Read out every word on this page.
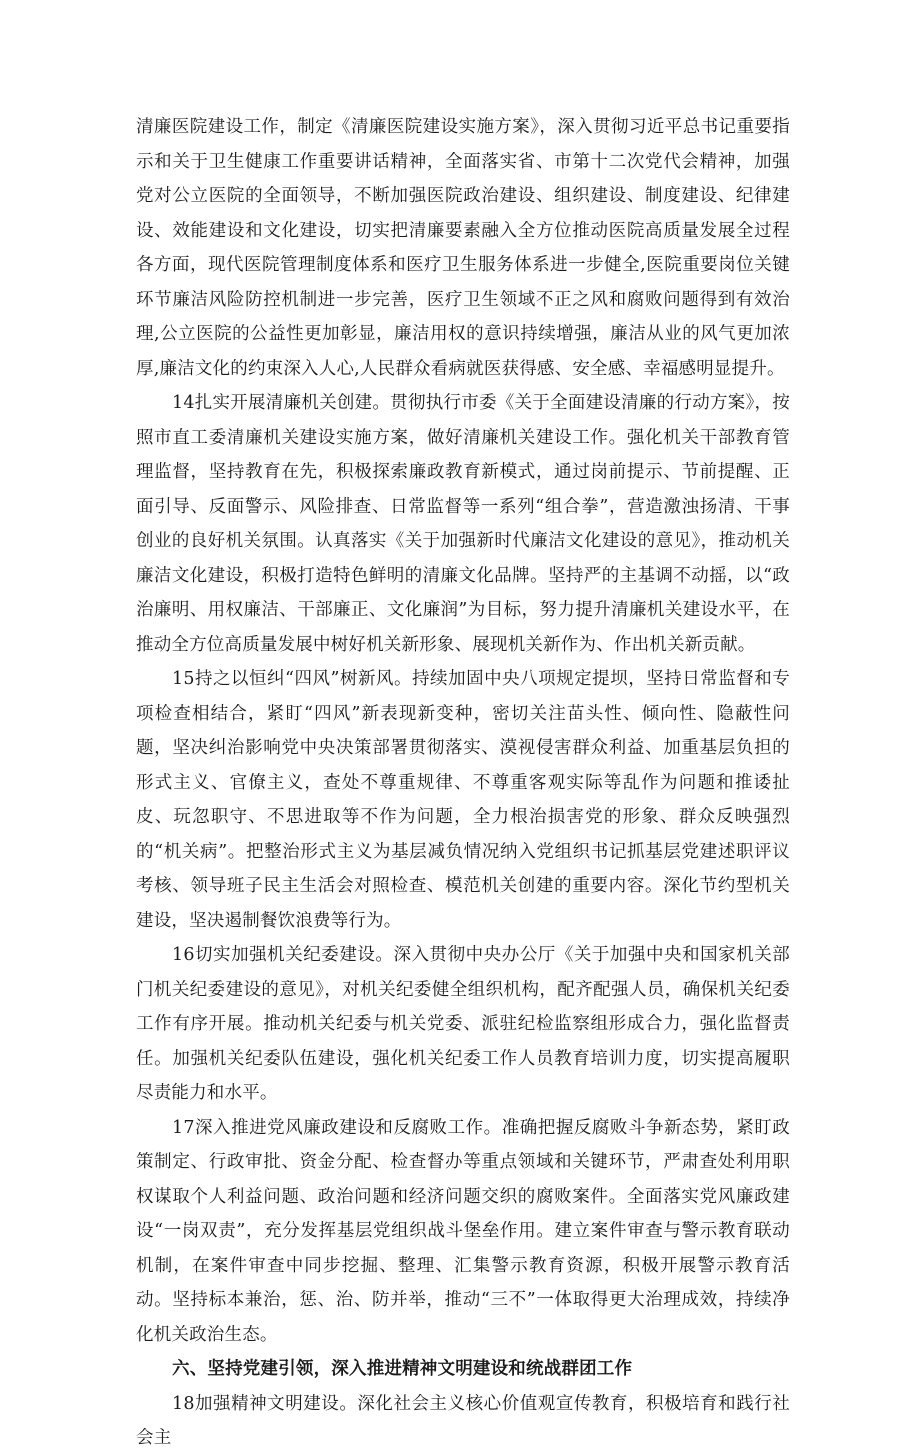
清廉医院建设工作，制定《清廉医院建设实施方案》，深入贯彻习近平总书记重要指示和关于卫生健康工作重要讲话精神，全面落实省、市第十二次党代会精神，加强党对公立医院的全面领导，不断加强医院政治建设、组织建设、制度建设、纪律建设、效能建设和文化建设，切实把清廉要素融入全方位推动医院高质量发展全过程各方面，现代医院管理制度体系和医疗卫生服务体系进一步健全,医院重要岗位关键环节廉洁风险防控机制进一步完善，医疗卫生领域不正之风和腐败问题得到有效治理,公立医院的公益性更加彰显，廉洁用权的意识持续增强，廉洁从业的风气更加浓厚,廉洁文化的约束深入人心,人民群众看病就医获得感、安全感、幸福感明显提升。

14扎实开展清廉机关创建。贯彻执行市委《关于全面建设清廉的行动方案》，按照市直工委清廉机关建设实施方案，做好清廉机关建设工作。强化机关干部教育管理监督，坚持教育在先，积极探索廉政教育新模式，通过岗前提示、节前提醒、正面引导、反面警示、风险排查、日常监督等一系列“组合拳”，营造激浊扬清、干事创业的良好机关氛围。认真落实《关于加强新时代廉洁文化建设的意见》，推动机关廉洁文化建设，积极打造特色鲜明的清廉文化品牌。坚持严的主基调不动摇，以“政治廉明、用权廉洁、干部廉正、文化廉润”为目标，努力提升清廉机关建设水平，在推动全方位高质量发展中树好机关新形象、展现机关新作为、作出机关新贡献。

15持之以恒纠“四风”树新风。持续加固中央八项规定提坝，坚持日常监督和专项检查相结合，紧盯“四风”新表现新变种，密切关注苗头性、倾向性、隐蔽性问题，坚决纠治影响党中央决策部署贯彻落实、漠视侵害群众利益、加重基层负担的形式主义、官僚主义，查处不尊重规律、不尊重客观实际等乱作为问题和推诿扯皮、玩忽职守、不思进取等不作为问题，全力根治损害党的形象、群众反映强烈的“机关病”。把整治形式主义为基层减负情况纳入党组织书记抓基层党建述职评议考核、领导班子民主生活会对照检查、模范机关创建的重要内容。深化节约型机关建设，坚决遏制餐饮浪费等行为。

16切实加强机关纪委建设。深入贯彻中央办公厅《关于加强中央和国家机关部门机关纪委建设的意见》，对机关纪委健全组织机构，配齐配强人员，确保机关纪委工作有序开展。推动机关纪委与机关党委、派驻纪检监察组形成合力，强化监督责任。加强机关纪委队伍建设，强化机关纪委工作人员教育培训力度，切实提高履职尽责能力和水平。

17深入推进党风廉政建设和反腐败工作。准确把握反腐败斗争新态势，紧盯政策制定、行政审批、资金分配、检查督办等重点领域和关键环节，严肃查处利用职权谋取个人利益问题、政治问题和经济问题交织的腐败案件。全面落实党风廉政建设“一岗双责”，充分发挥基层党组织战斗堡垒作用。建立案件审查与警示教育联动机制，在案件审查中同步挖掘、整理、汇集警示教育资源，积极开展警示教育活动。坚持标本兼治，惩、治、防并举，推动“三不”一体取得更大治理成效，持续净化机关政治生态。

六、坚持党建引领，深入推进精神文明建设和统战群团工作

18加强精神文明建设。深化社会主义核心价值观宣传教育，积极培育和践行社会主
